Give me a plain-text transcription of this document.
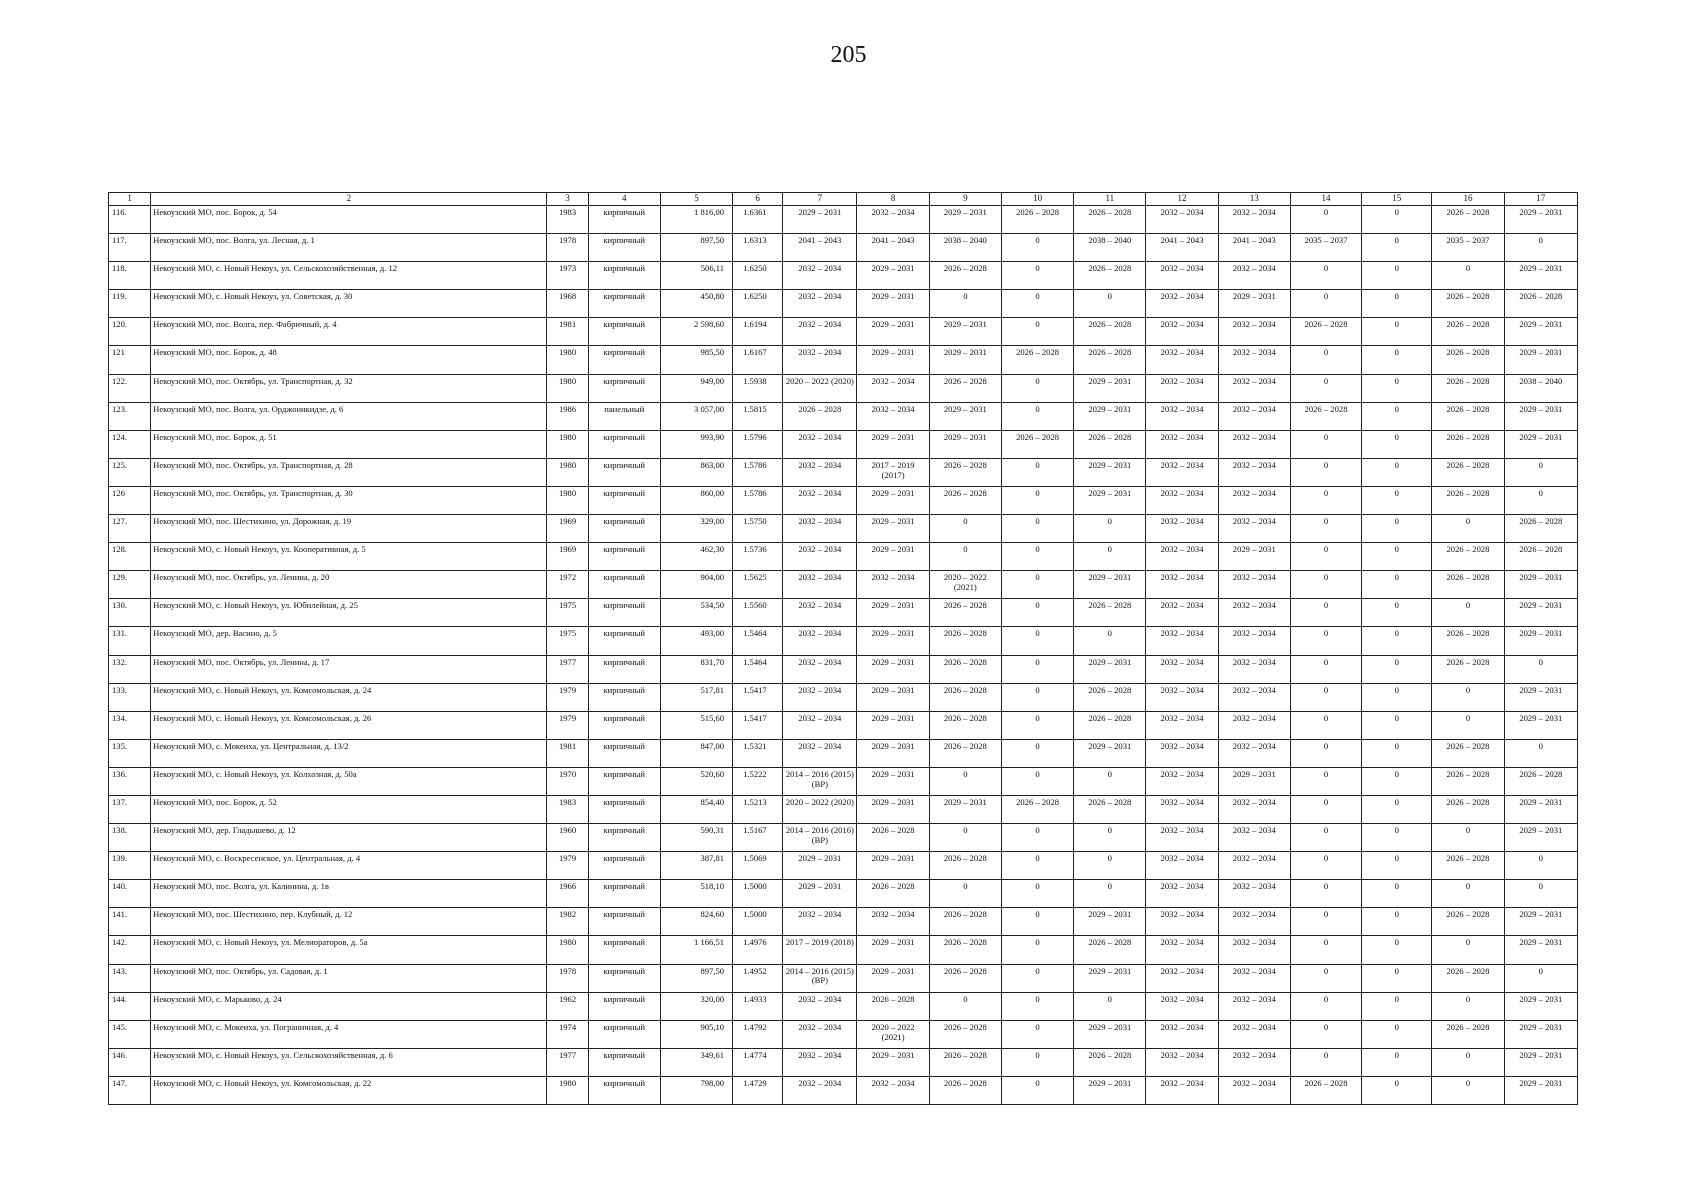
205
1	2	3	4	5	6	7	8	9	10	11	12	13	14	15	16	17
116.	Некоузский МО, пос. Борок, д. 54	1983	кирпичный	1 816,00	1.6361	2029 – 2031	2032 – 2034	2029 – 2031	2026 – 2028	2026 – 2028	2032 – 2034	2032 – 2034	0	0	2026 – 2028	2029 – 2031
117.	Некоузский МО, пос. Волга, ул. Лесная, д. 1	1978	кирпичный	897,50	1.6313	2041 – 2043	2041 – 2043	2038 – 2040	0	2038 – 2040	2041 – 2043	2041 – 2043	2035 – 2037	0	2035 – 2037	0
118.	Некоузский МО, с. Новый Некоуз, ул. Сельскохозяйственная, д. 12	1973	кирпичный	506,11	1.6250	2032 – 2034	2029 – 2031	2026 – 2028	0	2026 – 2028	2032 – 2034	2032 – 2034	0	0	0	2029 – 2031
119.	Некоузский МО, с. Новый Некоуз, ул. Советская, д. 30	1968	кирпичный	450,80	1.6250	2032 – 2034	2029 – 2031	0	0	0	2032 – 2034	2029 – 2031	0	0	2026 – 2028	2026 – 2028
120.	Некоузский МО, пос. Волга, пер. Фабричный, д. 4	1981	кирпичный	2 598,60	1.6194	2032 – 2034	2029 – 2031	2029 – 2031	0	2026 – 2028	2032 – 2034	2032 – 2034	2026 – 2028	0	2026 – 2028	2029 – 2031
121	Некоузский МО, пос. Борок, д. 48	1980	кирпичный	985,50	1.6167	2032 – 2034	2029 – 2031	2029 – 2031	2026 – 2028	2026 – 2028	2032 – 2034	2032 – 2034	0	0	2026 – 2028	2029 – 2031
122.	Некоузский МО, пос. Октябрь, ул. Транспортная, д. 32	1980	кирпичный	949,00	1.5938	2020 – 2022 (2020)	2032 – 2034	2026 – 2028	0	2029 – 2031	2032 – 2034	2032 – 2034	0	0	2026 – 2028	2038 – 2040
123.	Некоузский МО, пос. Волга, ул. Орджоникидзе, д. 6	1986	панельный	3 057,00	1.5815	2026 – 2028	2032 – 2034	2029 – 2031	0	2029 – 2031	2032 – 2034	2032 – 2034	2026 – 2028	0	2026 – 2028	2029 – 2031
124.	Некоузский МО, пос. Борок, д. 51	1980	кирпичный	993,90	1.5796	2032 – 2034	2029 – 2031	2029 – 2031	2026 – 2028	2026 – 2028	2032 – 2034	2032 – 2034	0	0	2026 – 2028	2029 – 2031
125.	Некоузский МО, пос. Октябрь, ул. Транспортная, д. 28	1980	кирпичный	863,00	1.5786	2032 – 2034	2017 – 2019 (2017)	2026 – 2028	0	2029 – 2031	2032 – 2034	2032 – 2034	0	0	2026 – 2028	0
126	Некоузский МО, пос. Октябрь, ул. Транспортная, д. 30	1980	кирпичный	860,00	1.5786	2032 – 2034	2029 – 2031	2026 – 2028	0	2029 – 2031	2032 – 2034	2032 – 2034	0	0	2026 – 2028	0
127.	Некоузский МО, пос. Шестихино, ул. Дорожная, д. 19	1969	кирпичный	329,00	1.5750	2032 – 2034	2029 – 2031	0	0	0	2032 – 2034	2032 – 2034	0	0	0	2026 – 2028
128.	Некоузский МО, с. Новый Некоуз, ул. Кооперативная, д. 5	1969	кирпичный	462,30	1.5736	2032 – 2034	2029 – 2031	0	0	0	2032 – 2034	2029 – 2031	0	0	2026 – 2028	2026 – 2028
129.	Некоузский МО, пос. Октябрь, ул. Ленина, д. 20	1972	кирпичный	904,00	1.5625	2032 – 2034	2032 – 2034	2020 – 2022 (2021)	0	2029 – 2031	2032 – 2034	2032 – 2034	0	0	2026 – 2028	2029 – 2031
130.	Некоузский МО, с. Новый Некоуз, ул. Юбилейная, д. 25	1975	кирпичный	534,50	1.5560	2032 – 2034	2029 – 2031	2026 – 2028	0	2026 – 2028	2032 – 2034	2032 – 2034	0	0	0	2029 – 2031
131.	Некоузский МО, дер. Васино, д. 5	1975	кирпичный	493,00	1.5464	2032 – 2034	2029 – 2031	2026 – 2028	0	0	2032 – 2034	2032 – 2034	0	0	2026 – 2028	2029 – 2031
132.	Некоузский МО, пос. Октябрь, ул. Ленина, д. 17	1977	кирпичный	831,70	1.5464	2032 – 2034	2029 – 2031	2026 – 2028	0	2029 – 2031	2032 – 2034	2032 – 2034	0	0	2026 – 2028	0
133.	Некоузский МО, с. Новый Некоуз, ул. Комсомольская, д. 24	1979	кирпичный	517,81	1.5417	2032 – 2034	2029 – 2031	2026 – 2028	0	2026 – 2028	2032 – 2034	2032 – 2034	0	0	0	2029 – 2031
134.	Некоузский МО, с. Новый Некоуз, ул. Комсомольская, д. 26	1979	кирпичный	515,60	1.5417	2032 – 2034	2029 – 2031	2026 – 2028	0	2026 – 2028	2032 – 2034	2032 – 2034	0	0	0	2029 – 2031
135.	Некоузский МО, с. Мокеиха, ул. Центральная, д. 13/2	1981	кирпичный	847,00	1.5321	2032 – 2034	2029 – 2031	2026 – 2028	0	2029 – 2031	2032 – 2034	2032 – 2034	0	0	2026 – 2028	0
136.	Некоузский МО, с. Новый Некоуз, ул. Колхозная, д. 50а	1970	кирпичный	520,60	1.5222	2014 – 2016 (2015) (ВР)	2029 – 2031	0	0	0	2032 – 2034	2029 – 2031	0	0	2026 – 2028	2026 – 2028
137.	Некоузский МО, пос. Борок, д. 52	1983	кирпичный	854,40	1.5213	2020 – 2022 (2020)	2029 – 2031	2029 – 2031	2026 – 2028	2026 – 2028	2032 – 2034	2032 – 2034	0	0	2026 – 2028	2029 – 2031
138.	Некоузский МО, дер. Гладышево, д. 12	1960	кирпичный	590,31	1.5167	2014 – 2016 (2016) (ВР)	2026 – 2028	0	0	0	2032 – 2034	2032 – 2034	0	0	0	2029 – 2031
139.	Некоузский МО, с. Воскресенское, ул. Центральная, д. 4	1979	кирпичный	387,81	1.5069	2029 – 2031	2029 – 2031	2026 – 2028	0	0	2032 – 2034	2032 – 2034	0	0	2026 – 2028	0
140.	Некоузский МО, пос. Волга, ул. Калинина, д. 1в	1966	кирпичный	518,10	1.5000	2029 – 2031	2026 – 2028	0	0	0	2032 – 2034	2032 – 2034	0	0	0	0
141.	Некоузский МО, пос. Шестихино, пер. Клубный, д. 12	1982	кирпичный	824,60	1.5000	2032 – 2034	2032 – 2034	2026 – 2028	0	2029 – 2031	2032 – 2034	2032 – 2034	0	0	2026 – 2028	2029 – 2031
142.	Некоузский МО, с. Новый Некоуз, ул. Мелиораторов, д. 5а	1980	кирпичный	1 166,51	1.4976	2017 – 2019 (2018)	2029 – 2031	2026 – 2028	0	2026 – 2028	2032 – 2034	2032 – 2034	0	0	0	2029 – 2031
143.	Некоузский МО, пос. Октябрь, ул. Садовая, д. 1	1978	кирпичный	897,50	1.4952	2014 – 2016 (2015) (ВР)	2029 – 2031	2026 – 2028	0	2029 – 2031	2032 – 2034	2032 – 2034	0	0	2026 – 2028	0
144.	Некоузский МО, с. Марьково, д. 24	1962	кирпичный	320,00	1.4933	2032 – 2034	2026 – 2028	0	0	0	2032 – 2034	2032 – 2034	0	0	0	2029 – 2031
145.	Некоузский МО, с. Мокеиха, ул. Пограничная, д. 4	1974	кирпичный	905,10	1.4792	2032 – 2034	2020 – 2022 (2021)	2026 – 2028	0	2029 – 2031	2032 – 2034	2032 – 2034	0	0	2026 – 2028	2029 – 2031
146.	Некоузский МО, с. Новый Некоуз, ул. Сельскохозяйственная, д. 6	1977	кирпичный	349,61	1.4774	2032 – 2034	2029 – 2031	2026 – 2028	0	2026 – 2028	2032 – 2034	2032 – 2034	0	0	0	2029 – 2031
147.	Некоузский МО, с. Новый Некоуз, ул. Комсомольская, д. 22	1980	кирпичный	798,00	1.4729	2032 – 2034	2032 – 2034	2026 – 2028	0	2029 – 2031	2032 – 2034	2032 – 2034	2026 – 2028	0	0	2029 – 2031
